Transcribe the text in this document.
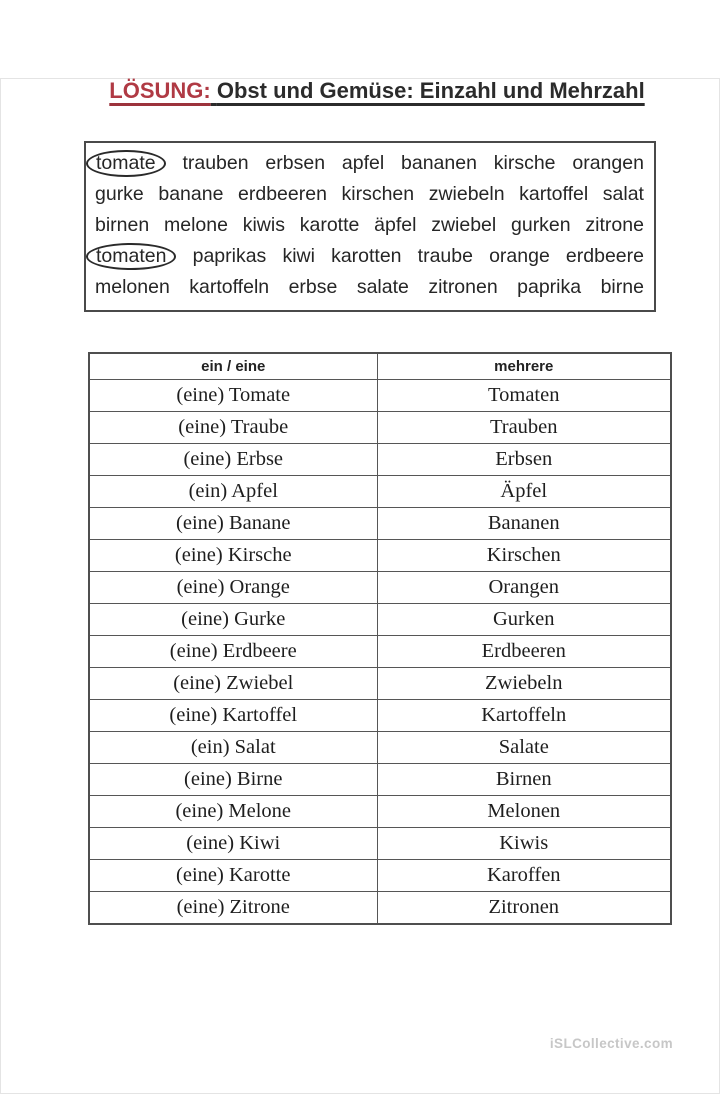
LÖSUNG: Obst und Gemüse: Einzahl und Mehrzahl
tomate	trauben erbsen apfel bananen kirsche orangen
gurke banane erdbeeren kirschen zwiebeln kartoffel salat
birnen melone kiwis karotte äpfel zwiebel gurken zitrone
tomaten	paprikas kiwi karotten traube orange erdbeere
melonen kartoffeln erbse salate zitronen paprika birne
ein / eine	mehrere
(eine) Tomate	Tomaten
(eine) Traube	Trauben
(eine) Erbse	Erbsen
(ein) Apfel	Äpfel
(eine) Banane	Bananen
(eine) Kirsche	Kirschen
(eine) Orange	Orangen
(eine) Gurke	Gurken
(eine) Erdbeere	Erdbeeren
(eine) Zwiebel	Zwiebeln
(eine) Kartoffel	Kartoffeln
(ein) Salat	Salate
(eine) Birne	Birnen
(eine) Melone	Melonen
(eine) Kiwi	Kiwis
(eine) Karotte	Karoffen
(eine) Zitrone	Zitronen
iSLCollective.com
